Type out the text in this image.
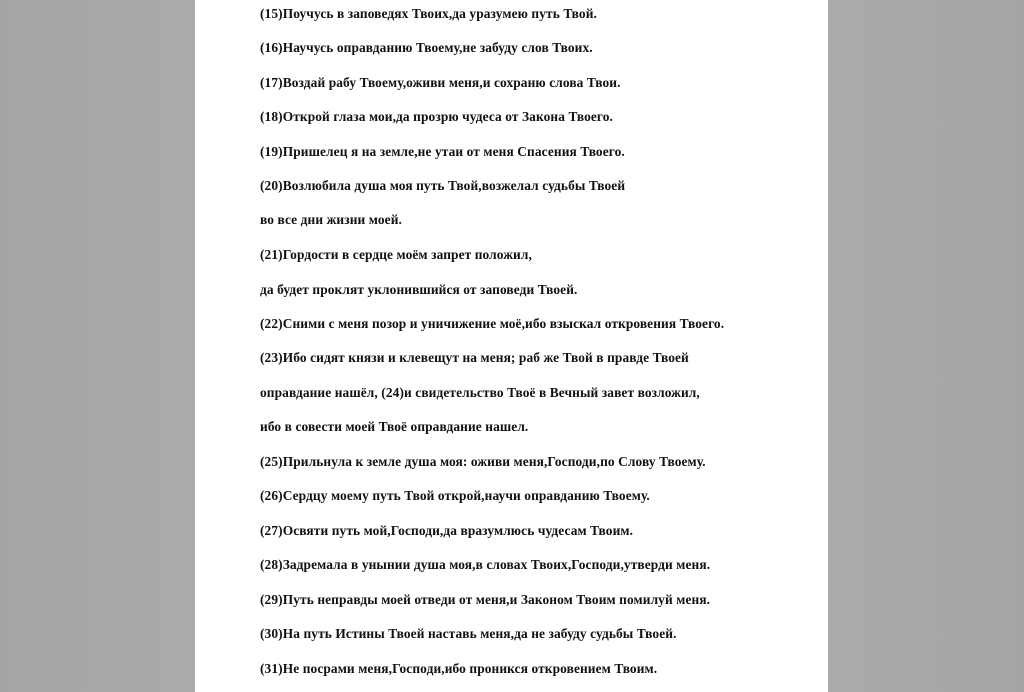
(15)Поучусь в заповедях Твоих,да уразумею путь Твой.
(16)Научусь оправданию Твоему,не забуду слов Твоих.
(17)Воздай рабу Твоему,оживи меня,и сохраню слова Твои.
(18)Открой глаза мои,да прозрю чудеса от Закона Твоего.
(19)Пришелец я на земле,не утаи от меня Спасения Твоего.
(20)Возлюбила душа моя путь Твой,возжелал судьбы Твоей
во все дни жизни моей.
(21)Гордости в сердце моём запрет положил,
да будет проклят уклонившийся от заповеди Твоей.
(22)Сними с меня позор и уничижение моё,ибо взыскал откровения Твоего.
(23)Ибо сидят князи и клевещут на меня; раб же Твой в правде Твоей
оправдание нашёл, (24)и свидетельство Твоё в Вечный завет возложил,
ибо в совести моей Твоё оправдание нашел.
(25)Прильнула к земле душа моя: оживи меня,Господи,по Слову Твоему.
(26)Сердцу моему путь Твой открой,научи оправданию Твоему.
(27)Освяти путь мой,Господи,да вразумлюсь чудесам Твоим.
(28)Задремала в унынии душа моя,в словах Твоих,Господи,утверди меня.
(29)Путь неправды моей отведи от меня,и Законом Твоим помилуй меня.
(30)На путь Истины Твоей наставь меня,да не забуду судьбы Твоей.
(31)Не посрами меня,Господи,ибо проникся откровением Твоим.
